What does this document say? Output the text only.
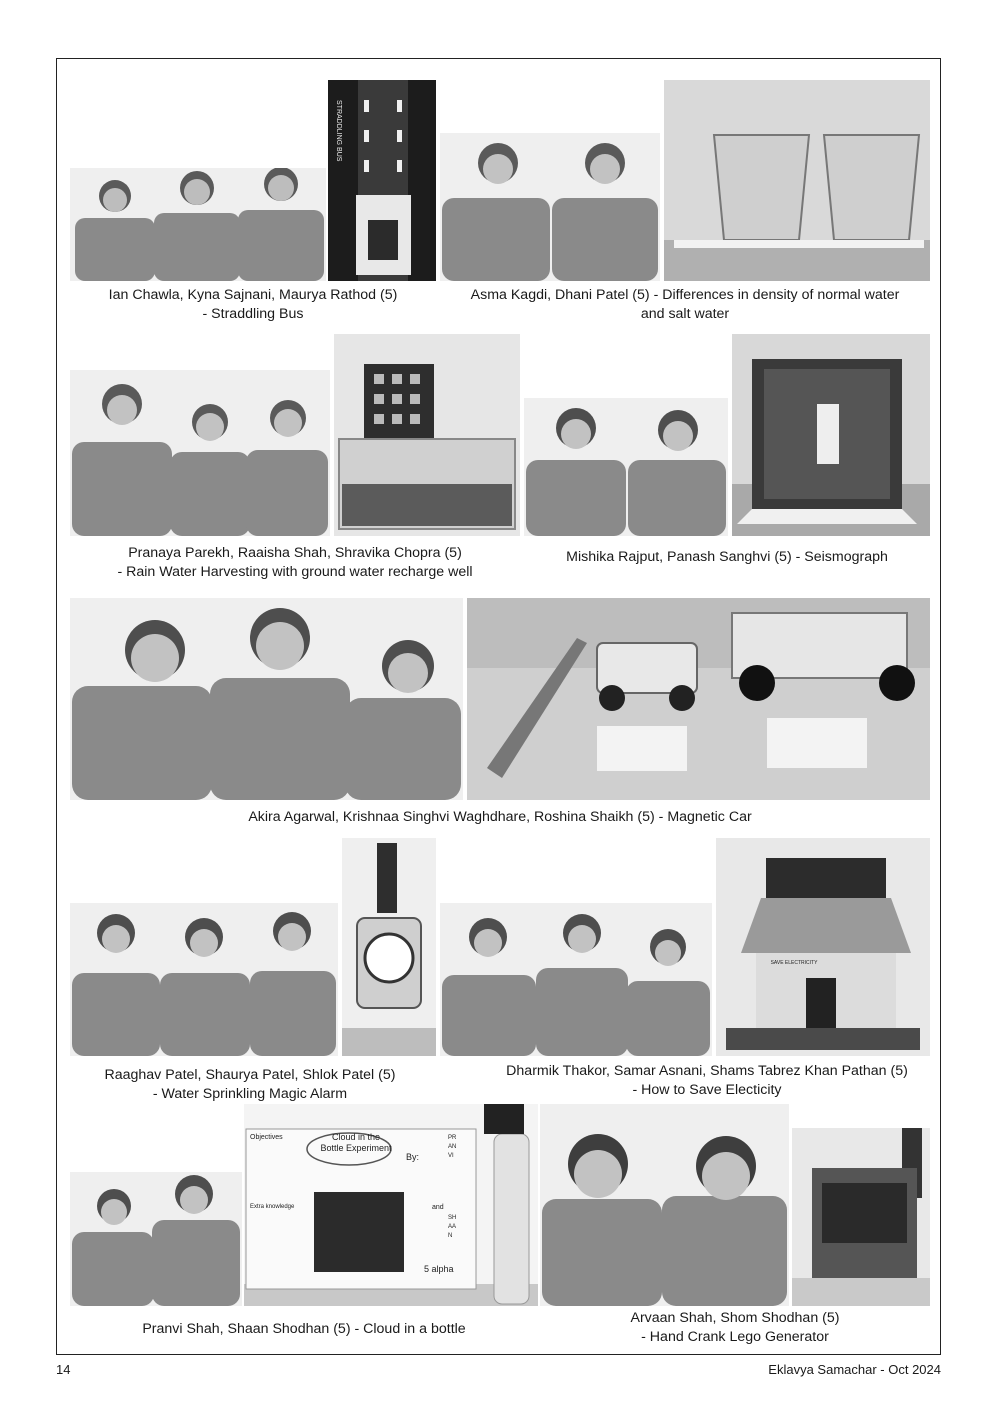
STRADDLING BUS
Ian Chawla, Kyna Sajnani, Maurya Rathod (5)
- Straddling Bus
Asma Kagdi, Dhani Patel (5) - Differences in density of normal water
and salt water
Pranaya Parekh, Raaisha Shah, Shravika Chopra (5)
- Rain Water Harvesting with ground water recharge well
Mishika Rajput, Panash Sanghvi (5) - Seismograph
Akira Agarwal, Krishnaa Singhvi Waghdhare, Roshina Shaikh (5) - Magnetic Car
SAVE ELECTRICITY
Raaghav Patel, Shaurya Patel, Shlok Patel (5)
- Water Sprinkling Magic Alarm
Dharmik Thakor, Samar Asnani, Shams Tabrez Khan Pathan (5)
- How to Save Electicity
Cloud in the
Bottle Experiment
By:
PRANVI
and
SHAAN
5 alpha
Objectives
Extra knowledge
Pranvi Shah, Shaan Shodhan (5) - Cloud in a bottle
Arvaan Shah, Shom Shodhan (5)
- Hand Crank Lego Generator
14	Eklavya Samachar - Oct 2024
